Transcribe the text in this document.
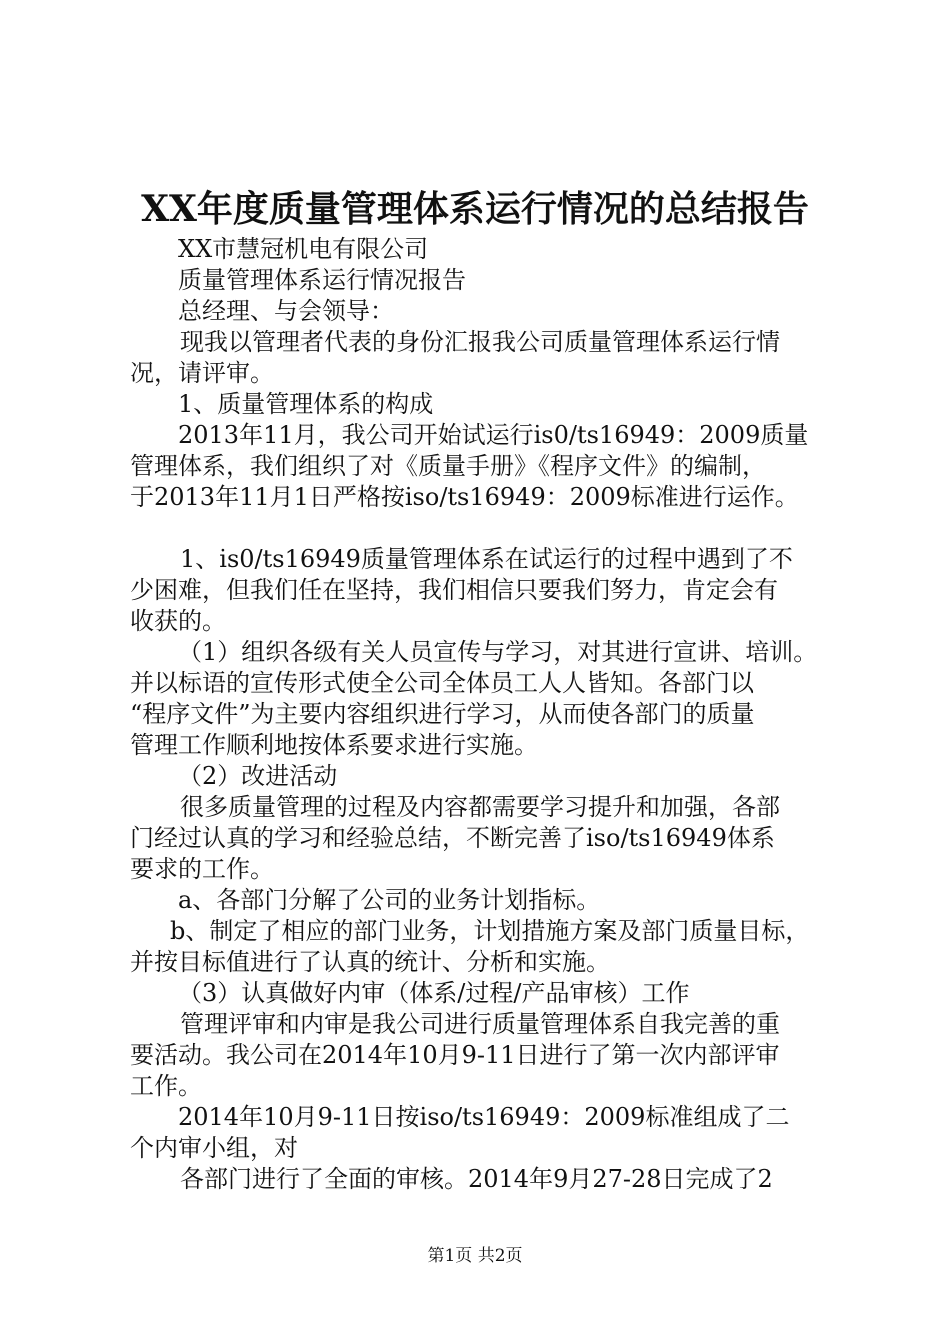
XX年度质量管理体系运行情况的总结报告
XX市慧冠机电有限公司
质量管理体系运行情况报告
总经理、与会领导：
现我以管理者代表的身份汇报我公司质量管理体系运行情
况，请评审。
1、质量管理体系的构成
2013年11月，我公司开始试运行is0/ts16949：2009质量
管理体系，我们组织了对《质量手册》《程序文件》的编制，
于2013年11月1日严格按iso/ts16949：2009标准进行运作。
1、is0/ts16949质量管理体系在试运行的过程中遇到了不
少困难，但我们任在坚持，我们相信只要我们努力，肯定会有
收获的。
（1）组织各级有关人员宣传与学习，对其进行宣讲、培训。
并以标语的宣传形式使全公司全体员工人人皆知。各部门以
“程序文件”为主要内容组织进行学习，从而使各部门的质量
管理工作顺利地按体系要求进行实施。
（2）改进活动
很多质量管理的过程及内容都需要学习提升和加强，各部
门经过认真的学习和经验总结，不断完善了iso/ts16949体系
要求的工作。
a、各部门分解了公司的业务计划指标。
b、制定了相应的部门业务，计划措施方案及部门质量目标，
并按目标值进行了认真的统计、分析和实施。
（3）认真做好内审（体系/过程/产品审核）工作
管理评审和内审是我公司进行质量管理体系自我完善的重
要活动。我公司在2014年10月9-11日进行了第一次内部评审
工作。
2014年10月9-11日按iso/ts16949：2009标准组成了二
个内审小组，对
各部门进行了全面的审核。2014年9月27-28日完成了2
第1页 共2页
